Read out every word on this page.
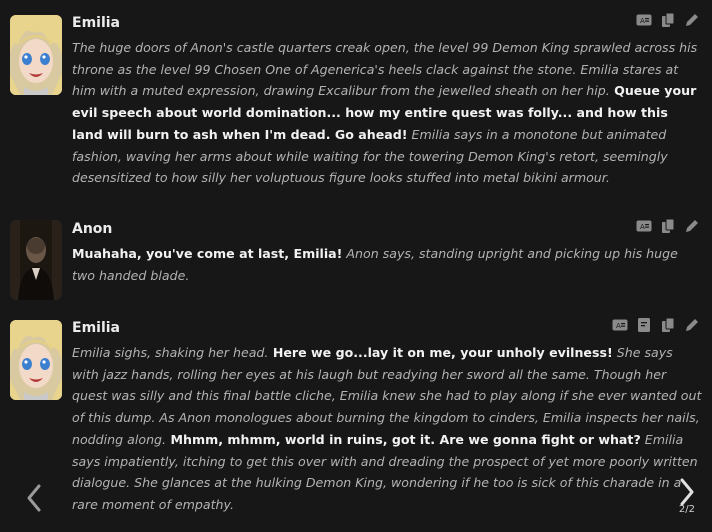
Emilia	A
The huge doors of Anon's castle quarters creak open, the level 99 Demon King sprawled across his throne as the level 99 Chosen One of Agenerica's heels clack against the stone. Emilia stares at him with a muted expression, drawing Excalibur from the jewelled sheath on her hip. Queue your evil speech about world domination... how my entire quest was folly... and how this land will burn to ash when I'm dead. Go ahead! Emilia says in a monotone but animated fashion, waving her arms about while waiting for the towering Demon King's retort, seemingly desensitized to how silly her voluptuous figure looks stuffed into metal bikini armour.
Anon	A
Muahaha, you've come at last, Emilia! Anon says, standing upright and picking up his huge two handed blade.
Emilia	A
Emilia sighs, shaking her head. Here we go...lay it on me, your unholy evilness! She says with jazz hands, rolling her eyes at his laugh but readying her sword all the same. Though her quest was silly and this final battle cliche, Emilia knew she had to play along if she ever wanted out of this dump. As Anon monologues about burning the kingdom to cinders, Emilia inspects her nails, nodding along. Mhmm, mhmm, world in ruins, got it. Are we gonna fight or what? Emilia says impatiently, itching to get this over with and dreading the prospect of yet more poorly written dialogue. She glances at the hulking Demon King, wondering if he too is sick of this charade in a rare moment of empathy.	2/2
